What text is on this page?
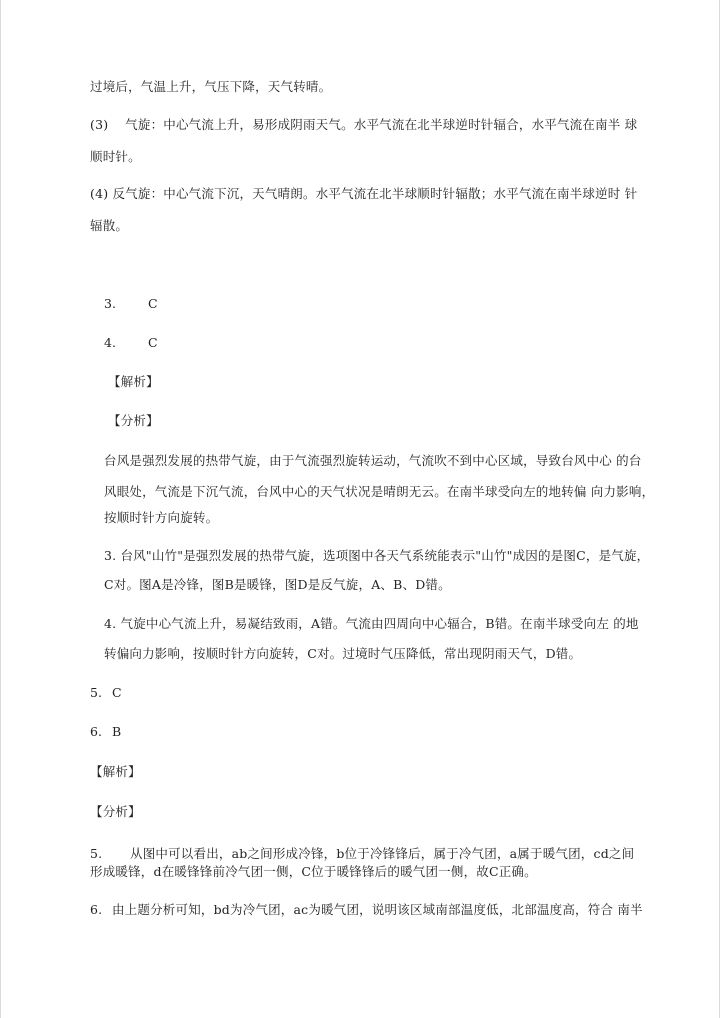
过境后，气温上升，气压下降，天气转晴。
(3)　 气旋：中心气流上升，易形成阴雨天气。水平气流在北半球逆时针辐合，水平气流在南半 球
顺时针。
(4) 反气旋：中心气流下沉，天气晴朗。水平气流在北半球顺时针辐散；水平气流在南半球逆时 针
辐散。
3.	C
4.	C
【解析】
【分析】
台风是强烈发展的热带气旋，由于气流强烈旋转运动，气流吹不到中心区域，导致台风中心 的台
风眼处，气流是下沉气流，台风中心的天气状况是晴朗无云。在南半球受向左的地转偏 向力影响，
按顺时针方向旋转。
3. 台风"山竹"是强烈发展的热带气旋，选项图中各天气系统能表示"山竹"成因的是图C，是气旋，
C对。图A是冷锋，图B是暖锋，图D是反气旋，A、B、D错。
4. 气旋中心气流上升，易凝结致雨，A错。气流由四周向中心辐合，B错。在南半球受向左 的地
转偏向力影响，按顺时针方向旋转，C对。过境时气压降低，常出现阴雨天气，D错。
5. C
6. B
【解析】
【分析】
5. 从图中可以看出，ab之间形成冷锋，b位于冷锋锋后，属于冷气团，a属于暖气团，cd之间
形成暖锋，d在暖锋锋前冷气团一侧，C位于暖锋锋后的暖气团一侧，故C正确。
6. 由上题分析可知，bd为冷气团，ac为暖气团，说明该区域南部温度低，北部温度高，符合 南半
